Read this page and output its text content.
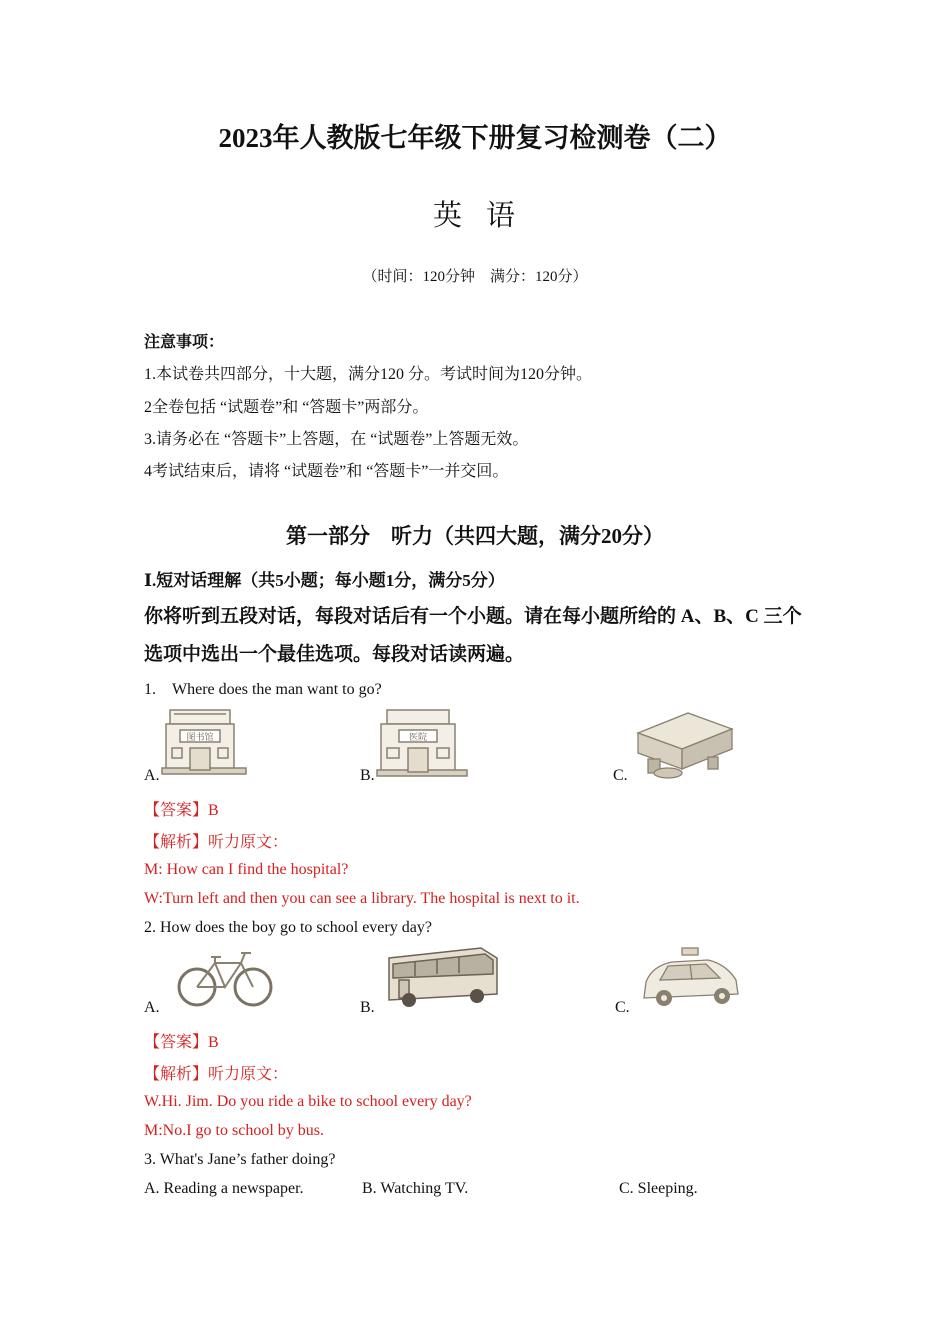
2023年人教版七年级下册复习检测卷（二）
英 语
（时间：120分钟　满分：120分）
注意事项：
1.本试卷共四部分，十大题，满分120 分。考试时间为120分钟。
2全卷包括 “试题卷”和 “答题卡”两部分。
3.请务必在 “答题卡”上答题，在 “试题卷”上答题无效。
4考试结束后，请将 “试题卷”和 “答题卡”一并交回。
第一部分　听力（共四大题，满分20分）
Ⅰ.短对话理解（共5小题；每小题1分，满分5分）
你将听到五段对话，每段对话后有一个小题。请在每小题所给的 A、B、C 三个
选项中选出一个最佳选项。每段对话读两遍。
1.　Where does the man want to go?
图书馆
A.
医院
B.	C.
【答案】B
【解析】听力原文：
M: How can I find the hospital?
W:Turn left and then you can see a library. The hospital is next to it.
2. How does the boy go to school every day?
A.	B.	C.
【答案】B
【解析】听力原文：
W.Hi. Jim. Do you ride a bike to school every day?
M:No.I go to school by bus.
3. What's Jane’s father doing?
A. Reading a newspaper.	B. Watching TV.	C. Sleeping.
